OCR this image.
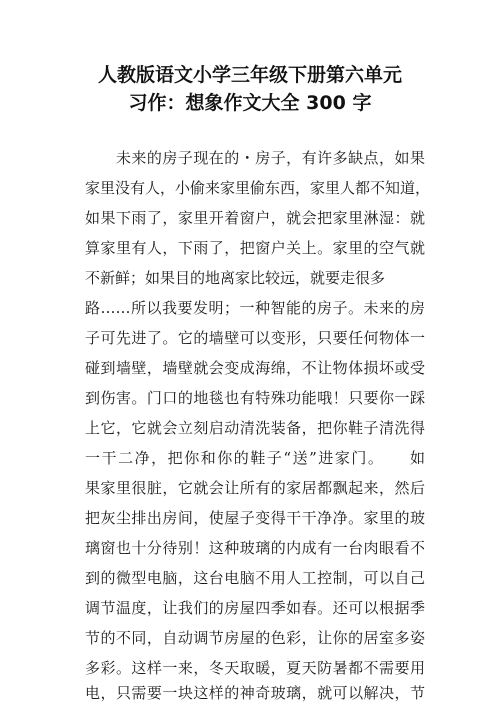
人教版语文小学三年级下册第六单元
习作：想象作文大全 300 字
　　未来的房子现在的・房子，有许多缺点，如果
家里没有人，小偷来家里偷东西，家里人都不知道，
如果下雨了，家里开着窗户，就会把家里淋湿：就
算家里有人，下雨了，把窗户关上。家里的空气就
不新鲜；如果目的地离家比较远，就要走很多
路……所以我要发明；一种智能的房子。未来的房
子可先进了。它的墙壁可以变形，只要任何物体一
碰到墙壁，墙壁就会变成海绵，不让物体损坏或受
到伤害。门口的地毯也有特殊功能哦！只要你一踩
上它，它就会立刻启动清洗装备，把你鞋子清洗得
一干二净，把你和你的鞋子“送”进家门。　　如
果家里很脏，它就会让所有的家居都飘起来，然后
把灰尘排出房间，使屋子变得干干净净。家里的玻
璃窗也十分待别！这种玻璃的内成有一台肉眼看不
到的微型电脑，这台电脑不用人工控制，可以自己
调节温度，让我们的房屋四季如春。还可以根据季
节的不同，自动调节房屋的色彩，让你的居室多姿
多彩。这样一来，冬天取暖，夏天防暑都不需要用
电，只需要一块这样的神奇玻璃，就可以解决，节
